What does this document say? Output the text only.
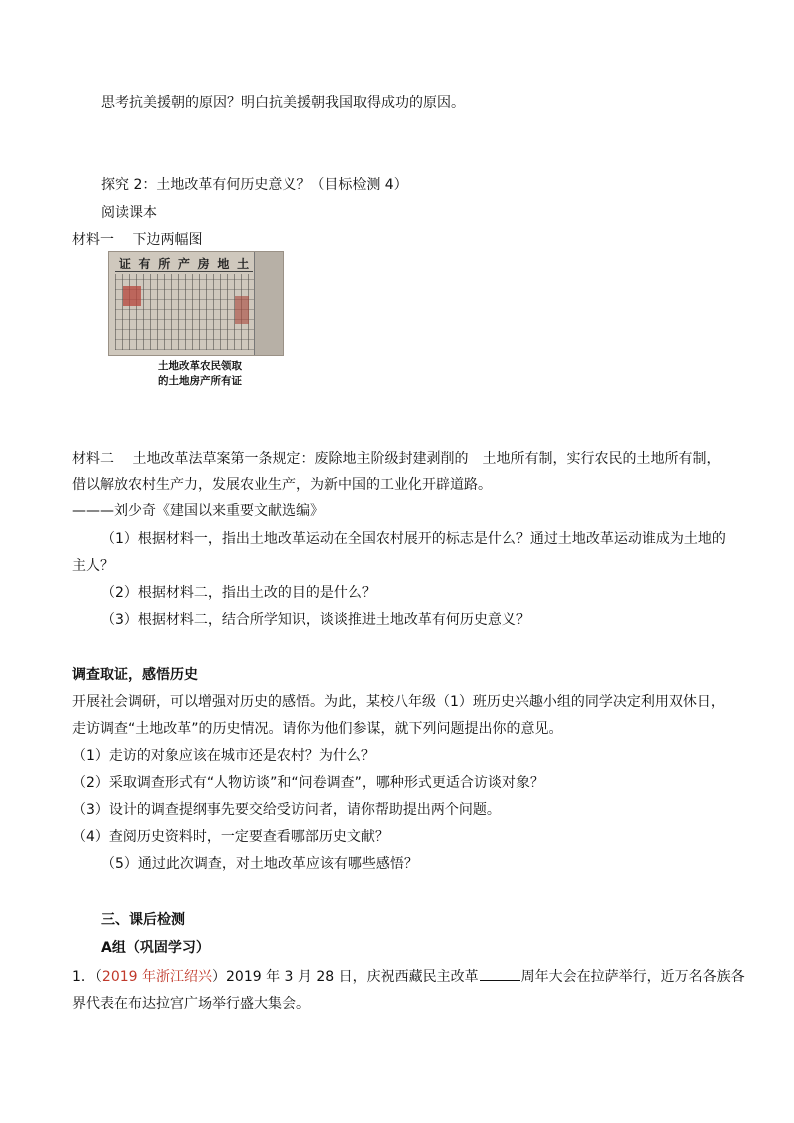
思考抗美援朝的原因？明白抗美援朝我国取得成功的原因。
探究 2：土地改革有何历史意义？（目标检测 4）
阅读课本
材料一　 下边两幅图
证 有 所 产 房 地 土
土地改革农民领取
的土地房产所有证
材料二　 土地改革法草案第一条规定：废除地主阶级封建剥削的　土地所有制，实行农民的土地所有制，
借以解放农村生产力，发展农业生产，为新中国的工业化开辟道路。
———刘少奇《建国以来重要文献选编》
（1）根据材料一，指出土地改革运动在全国农村展开的标志是什么？通过土地改革运动谁成为土地的
主人？
（2）根据材料二，指出土改的目的是什么？
（3）根据材料二，结合所学知识，谈谈推进土地改革有何历史意义？
调查取证，感悟历史
开展社会调研，可以增强对历史的感悟。为此，某校八年级（1）班历史兴趣小组的同学决定利用双休日，
走访调查“土地改革”的历史情况。请你为他们参谋，就下列问题提出你的意见。
（1）走访的对象应该在城市还是农村？为什么？
（2）采取调查形式有“人物访谈”和“问卷调查”，哪种形式更适合访谈对象？
（3）设计的调查提纲事先要交给受访问者，请你帮助提出两个问题。
（4）查阅历史资料时，一定要查看哪部历史文献？
（5）通过此次调查，对土地改革应该有哪些感悟？
三、课后检测
A组（巩固学习）
1．（2019 年浙江绍兴）2019 年 3 月 28 日，庆祝西藏民主改革	周年大会在拉萨举行，近万名各族各
界代表在布达拉宫广场举行盛大集会。
